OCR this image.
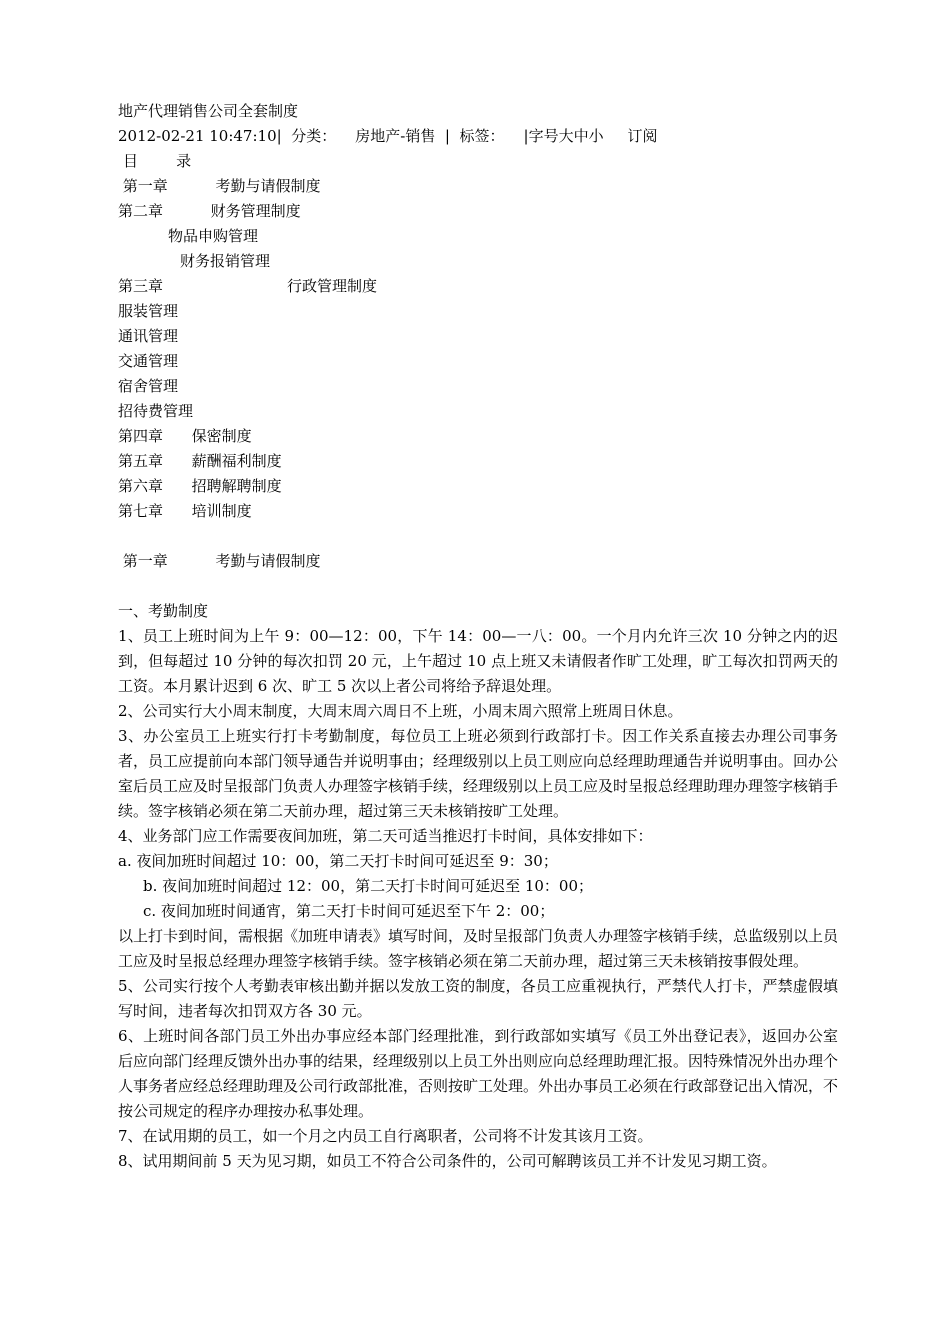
地产代理销售公司全套制度
2012-02-21 10:47:10|  分类：    房地产-销售  |  标签：    |字号大中小     订阅
目        录
第一章          考勤与请假制度
第二章          财务管理制度
物品申购管理
财务报销管理
第三章                          行政管理制度
服装管理
通讯管理
交通管理
宿舍管理
招待费管理
第四章      保密制度
第五章      薪酬福利制度
第六章      招聘解聘制度
第七章      培训制度
第一章          考勤与请假制度
一、考勤制度
1、员工上班时间为上午 9：00—12：00，下午 14：00—一八：00。一个月内允许三次 10 分钟之内的迟到，但每超过 10 分钟的每次扣罚 20 元，上午超过 10 点上班又未请假者作旷工处理，旷工每次扣罚两天的工资。本月累计迟到 6 次、旷工 5 次以上者公司将给予辞退处理。
2、公司实行大小周末制度，大周末周六周日不上班，小周末周六照常上班周日休息。
3、办公室员工上班实行打卡考勤制度，每位员工上班必须到行政部打卡。因工作关系直接去办理公司事务者，员工应提前向本部门领导通告并说明事由；经理级别以上员工则应向总经理助理通告并说明事由。回办公室后员工应及时呈报部门负责人办理签字核销手续，经理级别以上员工应及时呈报总经理助理办理签字核销手续。签字核销必须在第二天前办理，超过第三天未核销按旷工处理。
4、业务部门应工作需要夜间加班，第二天可适当推迟打卡时间，具体安排如下：
a. 夜间加班时间超过 10：00，第二天打卡时间可延迟至 9：30；
b. 夜间加班时间超过 12：00，第二天打卡时间可延迟至 10：00；
c. 夜间加班时间通宵，第二天打卡时间可延迟至下午 2：00；
以上打卡到时间，需根据《加班申请表》填写时间，及时呈报部门负责人办理签字核销手续，总监级别以上员工应及时呈报总经理办理签字核销手续。签字核销必须在第二天前办理，超过第三天未核销按事假处理。
5、公司实行按个人考勤表审核出勤并据以发放工资的制度，各员工应重视执行，严禁代人打卡，严禁虚假填写时间，违者每次扣罚双方各 30 元。
6、上班时间各部门员工外出办事应经本部门经理批准，到行政部如实填写《员工外出登记表》，返回办公室后应向部门经理反馈外出办事的结果，经理级别以上员工外出则应向总经理助理汇报。因特殊情况外出办理个人事务者应经总经理助理及公司行政部批准，否则按旷工处理。外出办事员工必须在行政部登记出入情况，不按公司规定的程序办理按办私事处理。
7、在试用期的员工，如一个月之内员工自行离职者，公司将不计发其该月工资。
8、试用期间前 5 天为见习期，如员工不符合公司条件的，公司可解聘该员工并不计发见习期工资。
